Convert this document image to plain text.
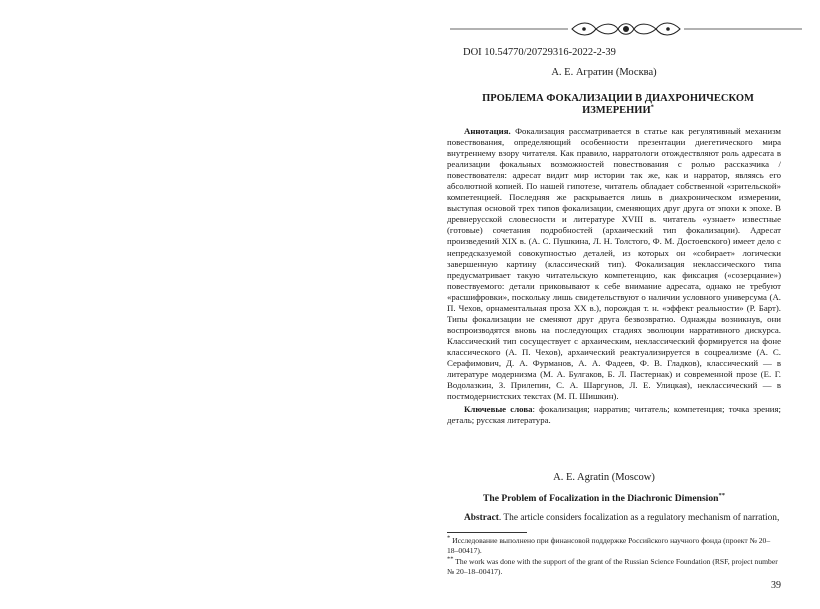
DOI 10.54770/20729316-2022-2-39
А. Е. Агратин (Москва)
ПРОБЛЕМА ФОКАЛИЗАЦИИ В ДИАХРОНИЧЕСКОМ ИЗМЕРЕНИИ*

Аннотация. Фокализация рассматривается в статье как регулятивный механизм повествования, определяющий особенности презентации диегетического мира внутреннему взору читателя. Как правило, нарратологи отождествляют роль адресата в реализации фокальных возможностей повествования с ролью рассказчика / повествователя: адресат видит мир истории так же, как и нарратор, являясь его абсолютной копией. По нашей гипотезе, читатель обладает собственной «зрительской» компетенцией. Последняя же раскрывается лишь в диахроническом измерении, выступая основой трех типов фокализации, сменяющих друг друга от эпохи к эпохе. В древнерусской словесности и литературе XVIII в. читатель «узнает» известные (готовые) сочетания подробностей (архаический тип фокализации). Адресат произведений XIX в. (А. С. Пушкина, Л. Н. Толстого, Ф. М. Достоевского) имеет дело с непредсказуемой совокупностью деталей, из которых он «собирает» логически завершенную картину (классический тип). Фокализация неклассического типа предусматривает такую читательскую компетенцию, как фиксация («созерцание») повествуемого: детали приковывают к себе внимание адресата, однако не требуют «расшифровки», поскольку лишь свидетельствуют о наличии условного универсума (А. П. Чехов, орнаментальная проза XX в.), порождая т. н. «эффект реальности» (Р. Барт). Типы фокализации не сменяют друг друга безвозвратно. Однажды возникнув, они воспроизводятся вновь на последующих стадиях эволюции нарративного дискурса. Классический тип сосуществует с архаическим, неклассический формируется на фоне классического (А. П. Чехов), архаический реактуализируется в соцреализме (А. С. Серафимович, Д. А. Фурманов, А. А. Фадеев, Ф. В. Гладков), классический — в литературе модернизма (М. А. Булгаков, Б. Л. Пастернак) и современной прозе (Е. Г. Водолазкин, З. Прилепин, С. А. Шаргунов, Л. Е. Улицкая), неклассический — в постмодернистских текстах (М. П. Шишкин).

Ключевые слова: фокализация; нарратив; читатель; компетенция; точка зрения; деталь; русская литература.

A. E. Agratin (Moscow)
The Problem of Focalization in the Diachronic Dimension**
Abstract. The article considers focalization as a regulatory mechanism of narration,
* Исследование выполнено при финансовой поддержке Российского научного фонда (проект № 20–18–00417).
** The work was done with the support of the grant of the Russian Science Foundation (RSF, project number № 20–18–00417).
39
